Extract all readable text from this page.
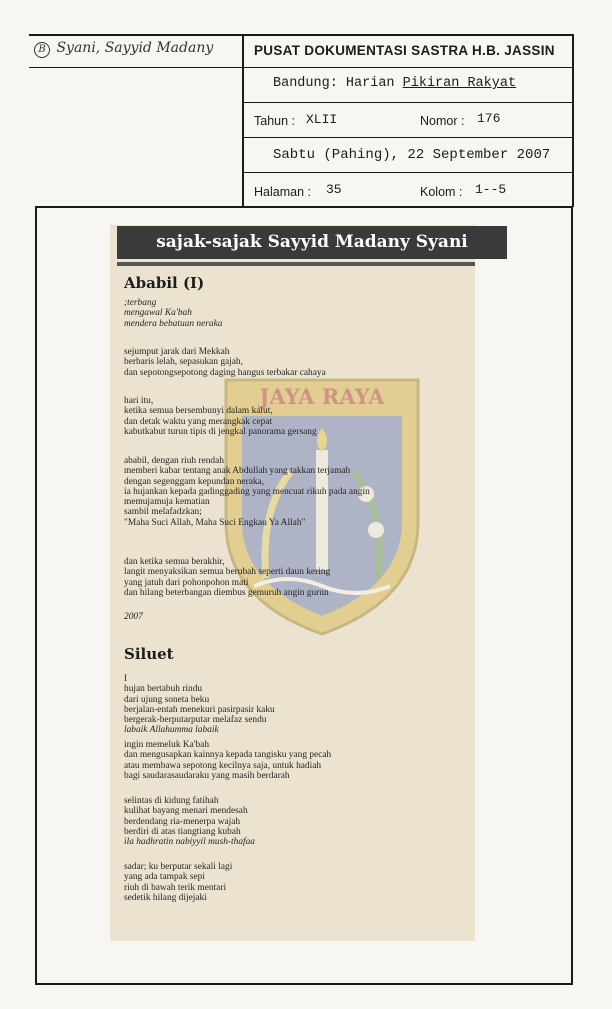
B Syani, Sayyid Madany	PUSAT DOKUMENTASI SASTRA H.B. JASSIN
Bandung: Harian Pikiran Rakyat
Tahun : XLII	Nomor : 176
Sabtu (Pahing), 22 September 2007
Halaman : 35	Kolom : 1--5
sajak-sajak Sayyid Madany Syani
JAYA RAYA
Ababil (I)
;terbang
mengawal Ka'bah
mendera bebatuan neraka
sejumput jarak dari Mekkah
berbaris lelah, sepasukan gajah,
dan sepotongsepotong daging hangus terbakar cahaya
hari itu,
ketika semua bersembunyi dalam kalut,
dan detak waktu yang merangkak cepat
kabutkabut turun tipis di jengkal panorama gersang
ababil, dengan riuh rendah
memberi kabar tentang anak Abdullah yang takkan terjamah
dengan segenggam kepundan neraka,
ia hujankan kepada gadinggading yang mencuat rikuh pada angin
memujamuja kematian
sambil melafadzkan;
"Maha Suci Allah, Maha Suci Engkau Ya Allah"
dan ketika semua berakhir,
langit menyaksikan semua berubah seperti daun kering
yang jatuh dari pohonpohon mati
dan hilang beterbangan diembus gemuruh angin gurun
2007
Siluet
I
hujan bertabuh rindu
dari ujung soneta beku
berjalan-entah menekuri pasirpasir kaku
bergerak-berputarputar melafaz sendu
labaik Allahumma labaik
ingin memeluk Ka'bah
dan mengusapkan kainnya kepada tangisku yang pecah
atau membawa sepotong kecilnya saja, untuk hadiah
bagi saudarasaudaraku yang masih berdarah
selintas di kidung fatihah
kulihat bayang menari mendesah
berdendang ria-menerpa wajah
berdiri di atas tiangtiang kubah
ila hadhratin nabiyyil mush-thafaa
sadar; ku berputar sekali lagi
yang ada tampak sepi
riuh di bawah terik mentari
sedetik hilang dijejaki
